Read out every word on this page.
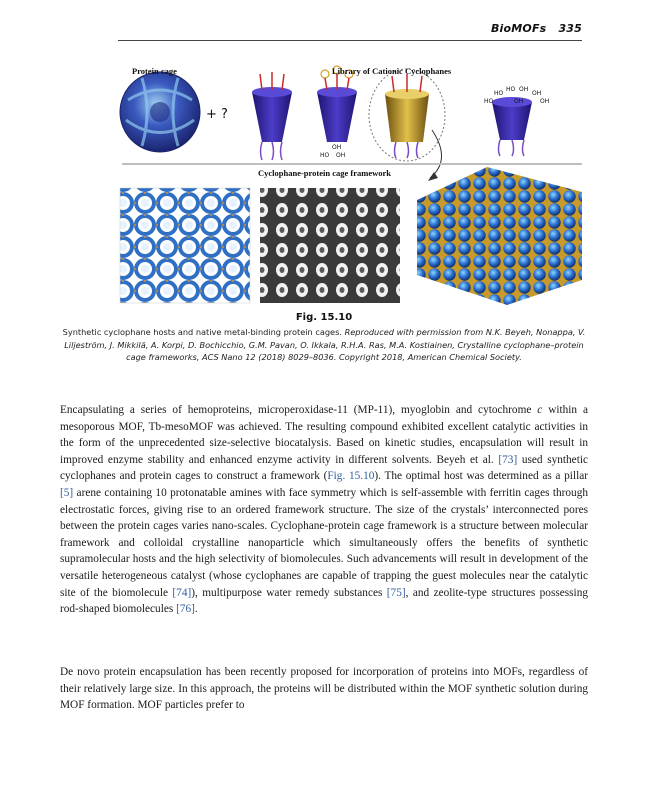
BioMOFs 335
Protein cage	Library of Cationic Cyclophanes
+ ?
Cyclophane-protein cage framework
OH
HO OH
HO
HO OH
OH
HO	OH	OH
Fig. 15.10
Synthetic cyclophane hosts and native metal-binding protein cages. Reproduced with permission from N.K. Beyeh, Nonappa, V. Liljeström, J. Mikkilä, A. Korpi, D. Bochicchio, G.M. Pavan, O. Ikkala, R.H.A. Ras, M.A. Kostiainen, Crystalline cyclophane–protein cage frameworks, ACS Nano 12 (2018) 8029–8036. Copyright 2018, American Chemical Society.

Encapsulating a series of hemoproteins, microperoxidase-11 (MP-11), myoglobin and cytochrome c within a mesoporous MOF, Tb-mesoMOF was achieved. The resulting compound exhibited excellent catalytic activities in the form of the unprecedented size-selective biocatalysis. Based on kinetic studies, encapsulation will result in improved enzyme stability and enhanced enzyme activity in different solvents. Beyeh et al. [73] used synthetic cyclophanes and protein cages to construct a framework (Fig. 15.10). The optimal host was determined as a pillar [5] arene containing 10 protonatable amines with face symmetry which is self-assemble with ferritin cages through electrostatic forces, giving rise to an ordered framework structure. The size of the crystals’ interconnected pores between the protein cages varies nano-scales. Cyclophane-protein cage framework is a structure between molecular framework and colloidal crystalline nanoparticle which simultaneously offers the benefits of synthetic supramolecular hosts and the high selectivity of biomolecules. Such advancements will result in development of the versatile heterogeneous catalyst (whose cyclophanes are capable of trapping the guest molecules near the catalytic site of the biomolecule [74]), multipurpose water remedy substances [75], and zeolite-type structures possessing rod-shaped biomolecules [76].

De novo protein encapsulation has been recently proposed for incorporation of proteins into MOFs, regardless of their relatively large size. In this approach, the proteins will be distributed within the MOF synthetic solution during MOF formation. MOF particles prefer to
